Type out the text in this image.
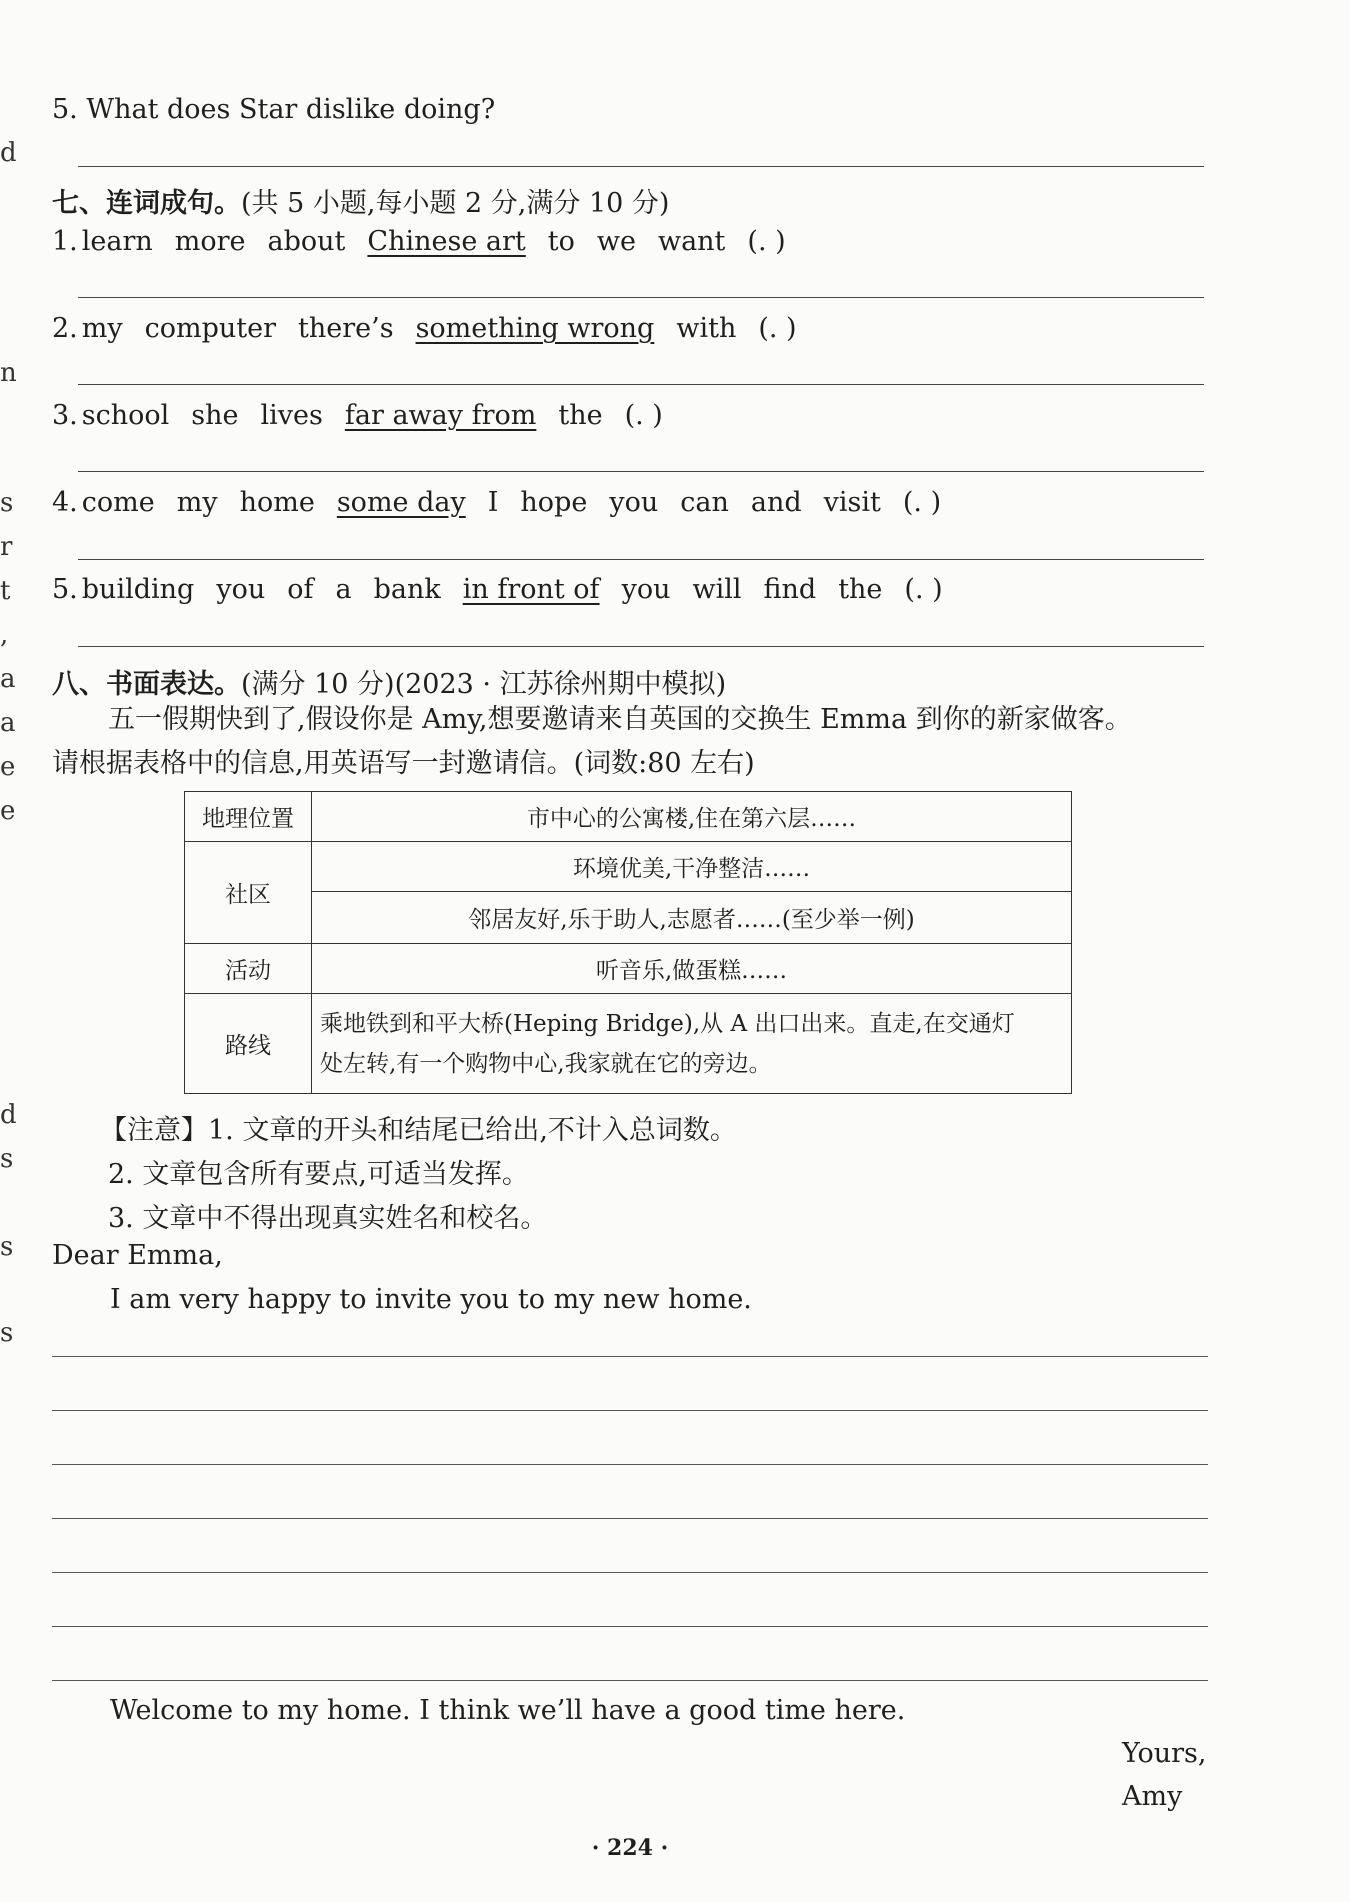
d
n
s
r
t
,
a
a
e
e
d
s
s
s
5. What does Star dislike doing?
七、连词成句。(共 5 小题,每小题 2 分,满分 10 分)
1. learn more about Chinese art to we want (. )
2. my computer there’s something wrong with (. )
3. school she lives far away from the (. )
4. come my home some day I hope you can and visit (. )
5. building you of a bank in front of you will find the (. )
八、书面表达。(满分 10 分)(2023 · 江苏徐州期中模拟)
五一假期快到了,假设你是 Amy,想要邀请来自英国的交换生 Emma 到你的新家做客。
请根据表格中的信息,用英语写一封邀请信。(词数:80 左右)
地理位置	市中心的公寓楼,住在第六层……
社区	环境优美,干净整洁……
	邻居友好,乐于助人,志愿者……(至少举一例)
活动	听音乐,做蛋糕……
路线	乘地铁到和平大桥(Heping Bridge),从 A 出口出来。直走,在交通灯
处左转,有一个购物中心,我家就在它的旁边。
【注意】1. 文章的开头和结尾已给出,不计入总词数。
2. 文章包含所有要点,可适当发挥。
3. 文章中不得出现真实姓名和校名。
Dear Emma,
I am very happy to invite you to my new home.
Welcome to my home. I think we’ll have a good time here.
Yours,
Amy
· 224 ·
